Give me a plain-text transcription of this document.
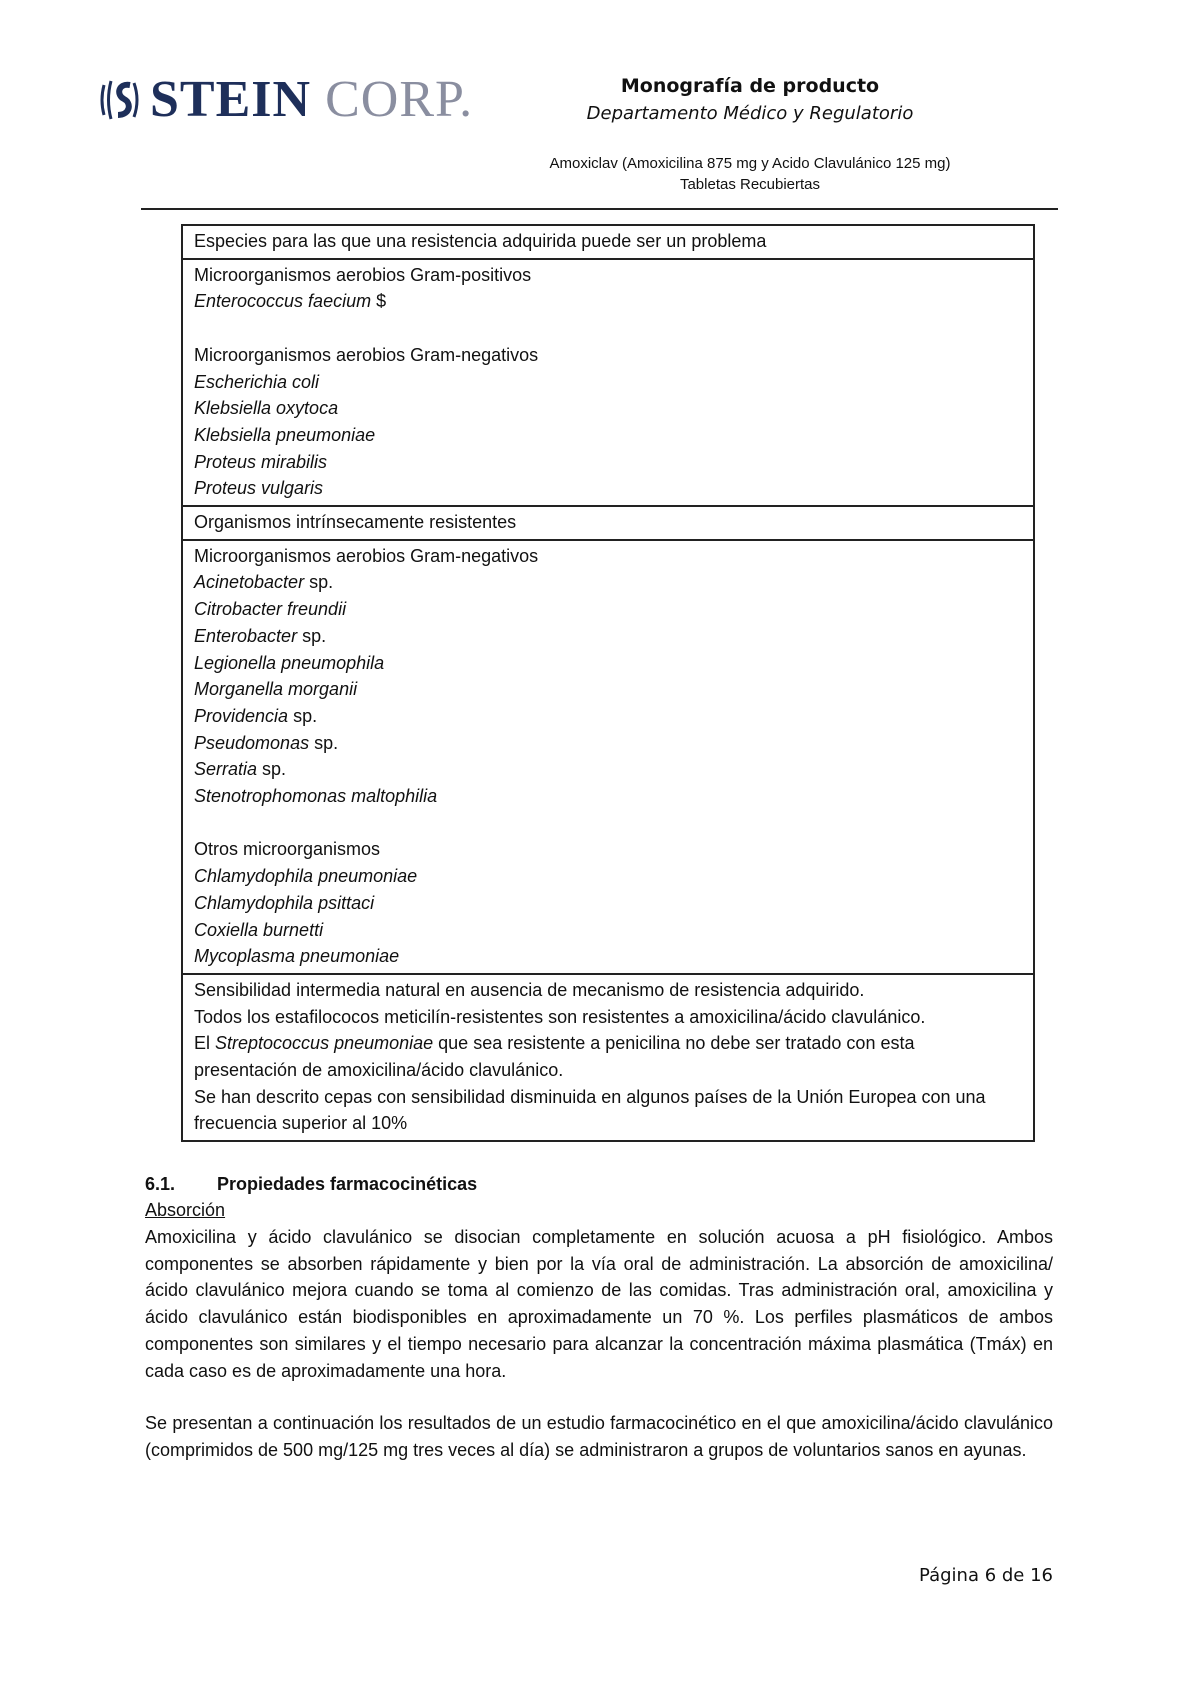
STEIN CORP.	Monografía de producto
Departamento Médico y Regulatorio
Amoxiclav (Amoxicilina 875 mg y Acido Clavulánico 125 mg)
Tabletas Recubiertas
Especies para las que una resistencia adquirida puede ser un problema
Microorganismos aerobios Gram-positivos
Enterococcus faecium $
Microorganismos aerobios Gram-negativos
Escherichia coli
Klebsiella oxytoca
Klebsiella pneumoniae
Proteus mirabilis
Proteus vulgaris
Organismos intrínsecamente resistentes
Microorganismos aerobios Gram-negativos
Acinetobacter sp.
Citrobacter freundii
Enterobacter sp.
Legionella pneumophila
Morganella morganii
Providencia sp.
Pseudomonas sp.
Serratia sp.
Stenotrophomonas maltophilia
Otros microorganismos
Chlamydophila pneumoniae
Chlamydophila psittaci
Coxiella burnetti
Mycoplasma pneumoniae
Sensibilidad intermedia natural en ausencia de mecanismo de resistencia adquirido.
Todos los estafilococos meticilín-resistentes son resistentes a amoxicilina/ácido clavulánico.
El Streptococcus pneumoniae que sea resistente a penicilina no debe ser tratado con esta presentación de amoxicilina/ácido clavulánico.
Se han descrito cepas con sensibilidad disminuida en algunos países de la Unión Europea con una frecuencia superior al 10%
6.1. Propiedades farmacocinéticas
Absorción
Amoxicilina y ácido clavulánico se disocian completamente en solución acuosa a pH fisiológico. Ambos componentes se absorben rápidamente y bien por la vía oral de administración. La absorción de amoxicilina/ácido clavulánico mejora cuando se toma al comienzo de las comidas. Tras administración oral, amoxicilina y ácido clavulánico están biodisponibles en aproximadamente un 70 %. Los perfiles plasmáticos de ambos componentes son similares y el tiempo necesario para alcanzar la concentración máxima plasmática (Tmáx) en cada caso es de aproximadamente una hora.
Se presentan a continuación los resultados de un estudio farmacocinético en el que amoxicilina/ácido clavulánico (comprimidos de 500 mg/125 mg tres veces al día) se administraron a grupos de voluntarios sanos en ayunas.
Página 6 de 16
